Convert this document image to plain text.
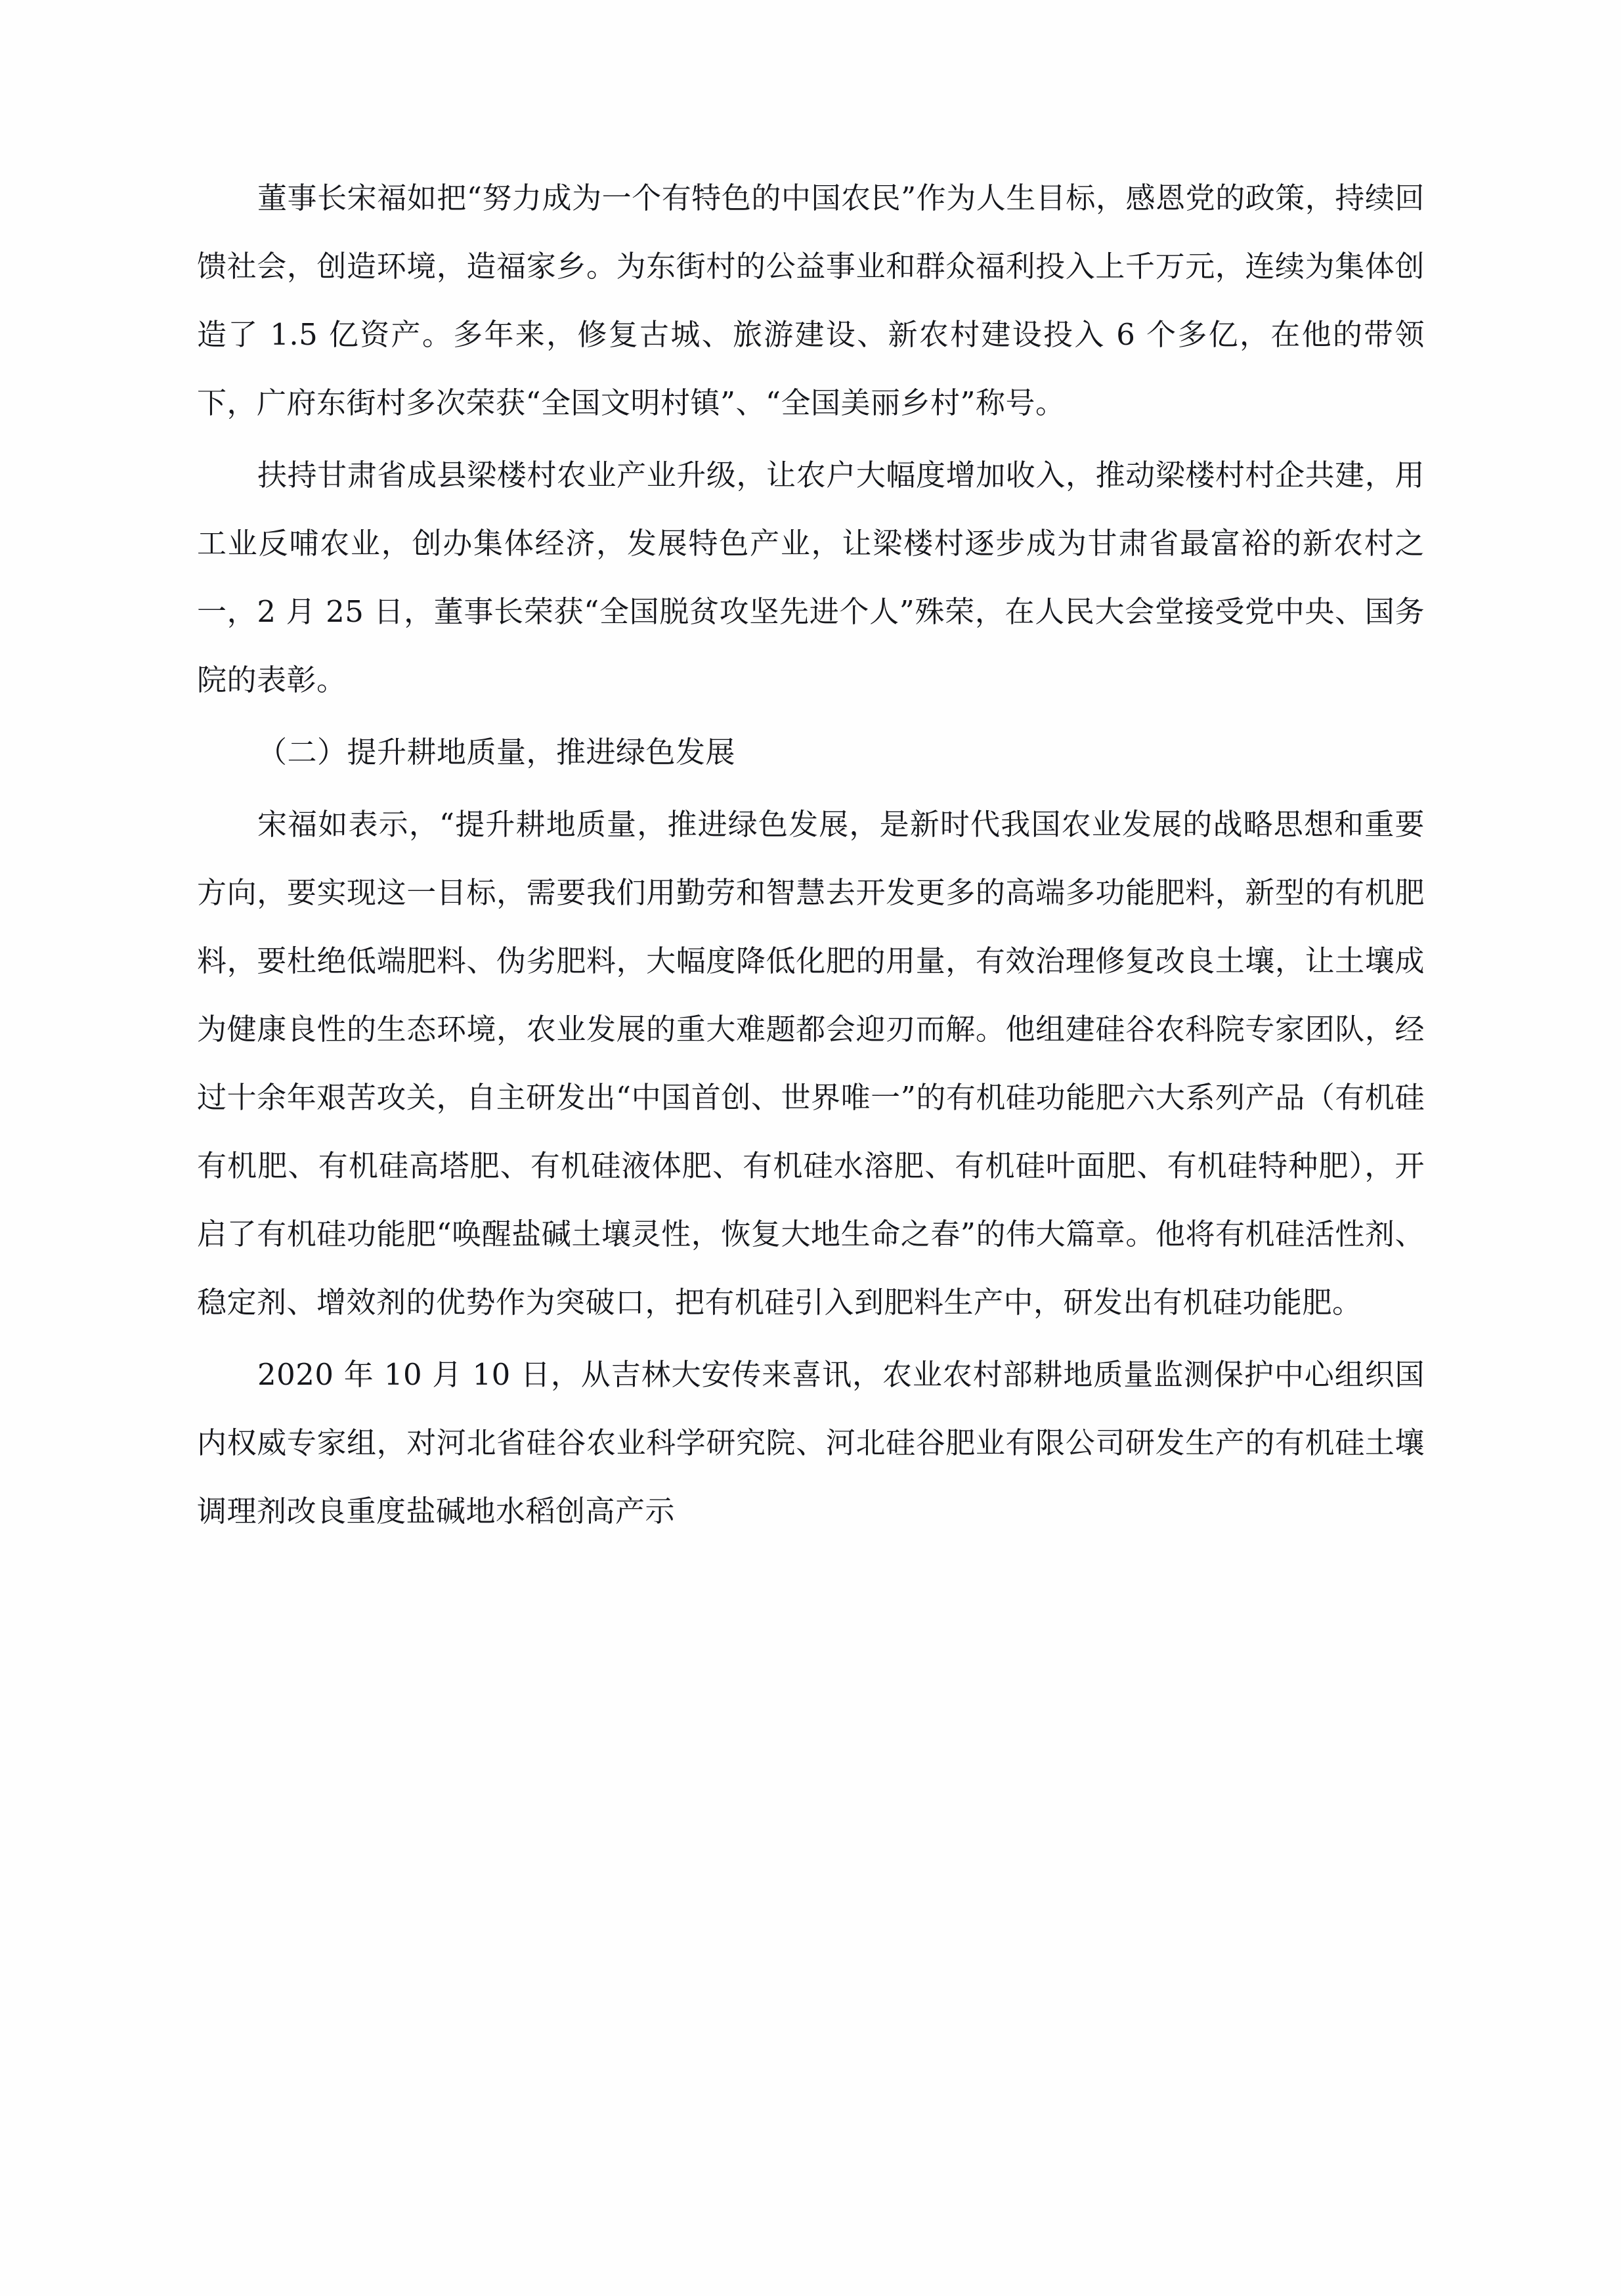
董事长宋福如把“努力成为一个有特色的中国农民”作为人生目标，感恩党的政策，持续回馈社会，创造环境，造福家乡。为东街村的公益事业和群众福利投入上千万元，连续为集体创造了 1.5 亿资产。多年来，修复古城、旅游建设、新农村建设投入 6 个多亿，在他的带领下，广府东街村多次荣获“全国文明村镇”、“全国美丽乡村”称号。

扶持甘肃省成县梁楼村农业产业升级，让农户大幅度增加收入，推动梁楼村村企共建，用工业反哺农业，创办集体经济，发展特色产业，让梁楼村逐步成为甘肃省最富裕的新农村之一，2 月 25 日，董事长荣获“全国脱贫攻坚先进个人”殊荣，在人民大会堂接受党中央、国务院的表彰。

（二）提升耕地质量，推进绿色发展

宋福如表示，“提升耕地质量，推进绿色发展，是新时代我国农业发展的战略思想和重要方向，要实现这一目标，需要我们用勤劳和智慧去开发更多的高端多功能肥料，新型的有机肥料，要杜绝低端肥料、伪劣肥料，大幅度降低化肥的用量，有效治理修复改良土壤，让土壤成为健康良性的生态环境，农业发展的重大难题都会迎刃而解。他组建硅谷农科院专家团队，经过十余年艰苦攻关，自主研发出“中国首创、世界唯一”的有机硅功能肥六大系列产品（有机硅有机肥、有机硅高塔肥、有机硅液体肥、有机硅水溶肥、有机硅叶面肥、有机硅特种肥），开启了有机硅功能肥“唤醒盐碱土壤灵性，恢复大地生命之春”的伟大篇章。他将有机硅活性剂、稳定剂、增效剂的优势作为突破口，把有机硅引入到肥料生产中，研发出有机硅功能肥。

2020 年 10 月 10 日，从吉林大安传来喜讯，农业农村部耕地质量监测保护中心组织国内权威专家组，对河北省硅谷农业科学研究院、河北硅谷肥业有限公司研发生产的有机硅土壤调理剂改良重度盐碱地水稻创高产示
